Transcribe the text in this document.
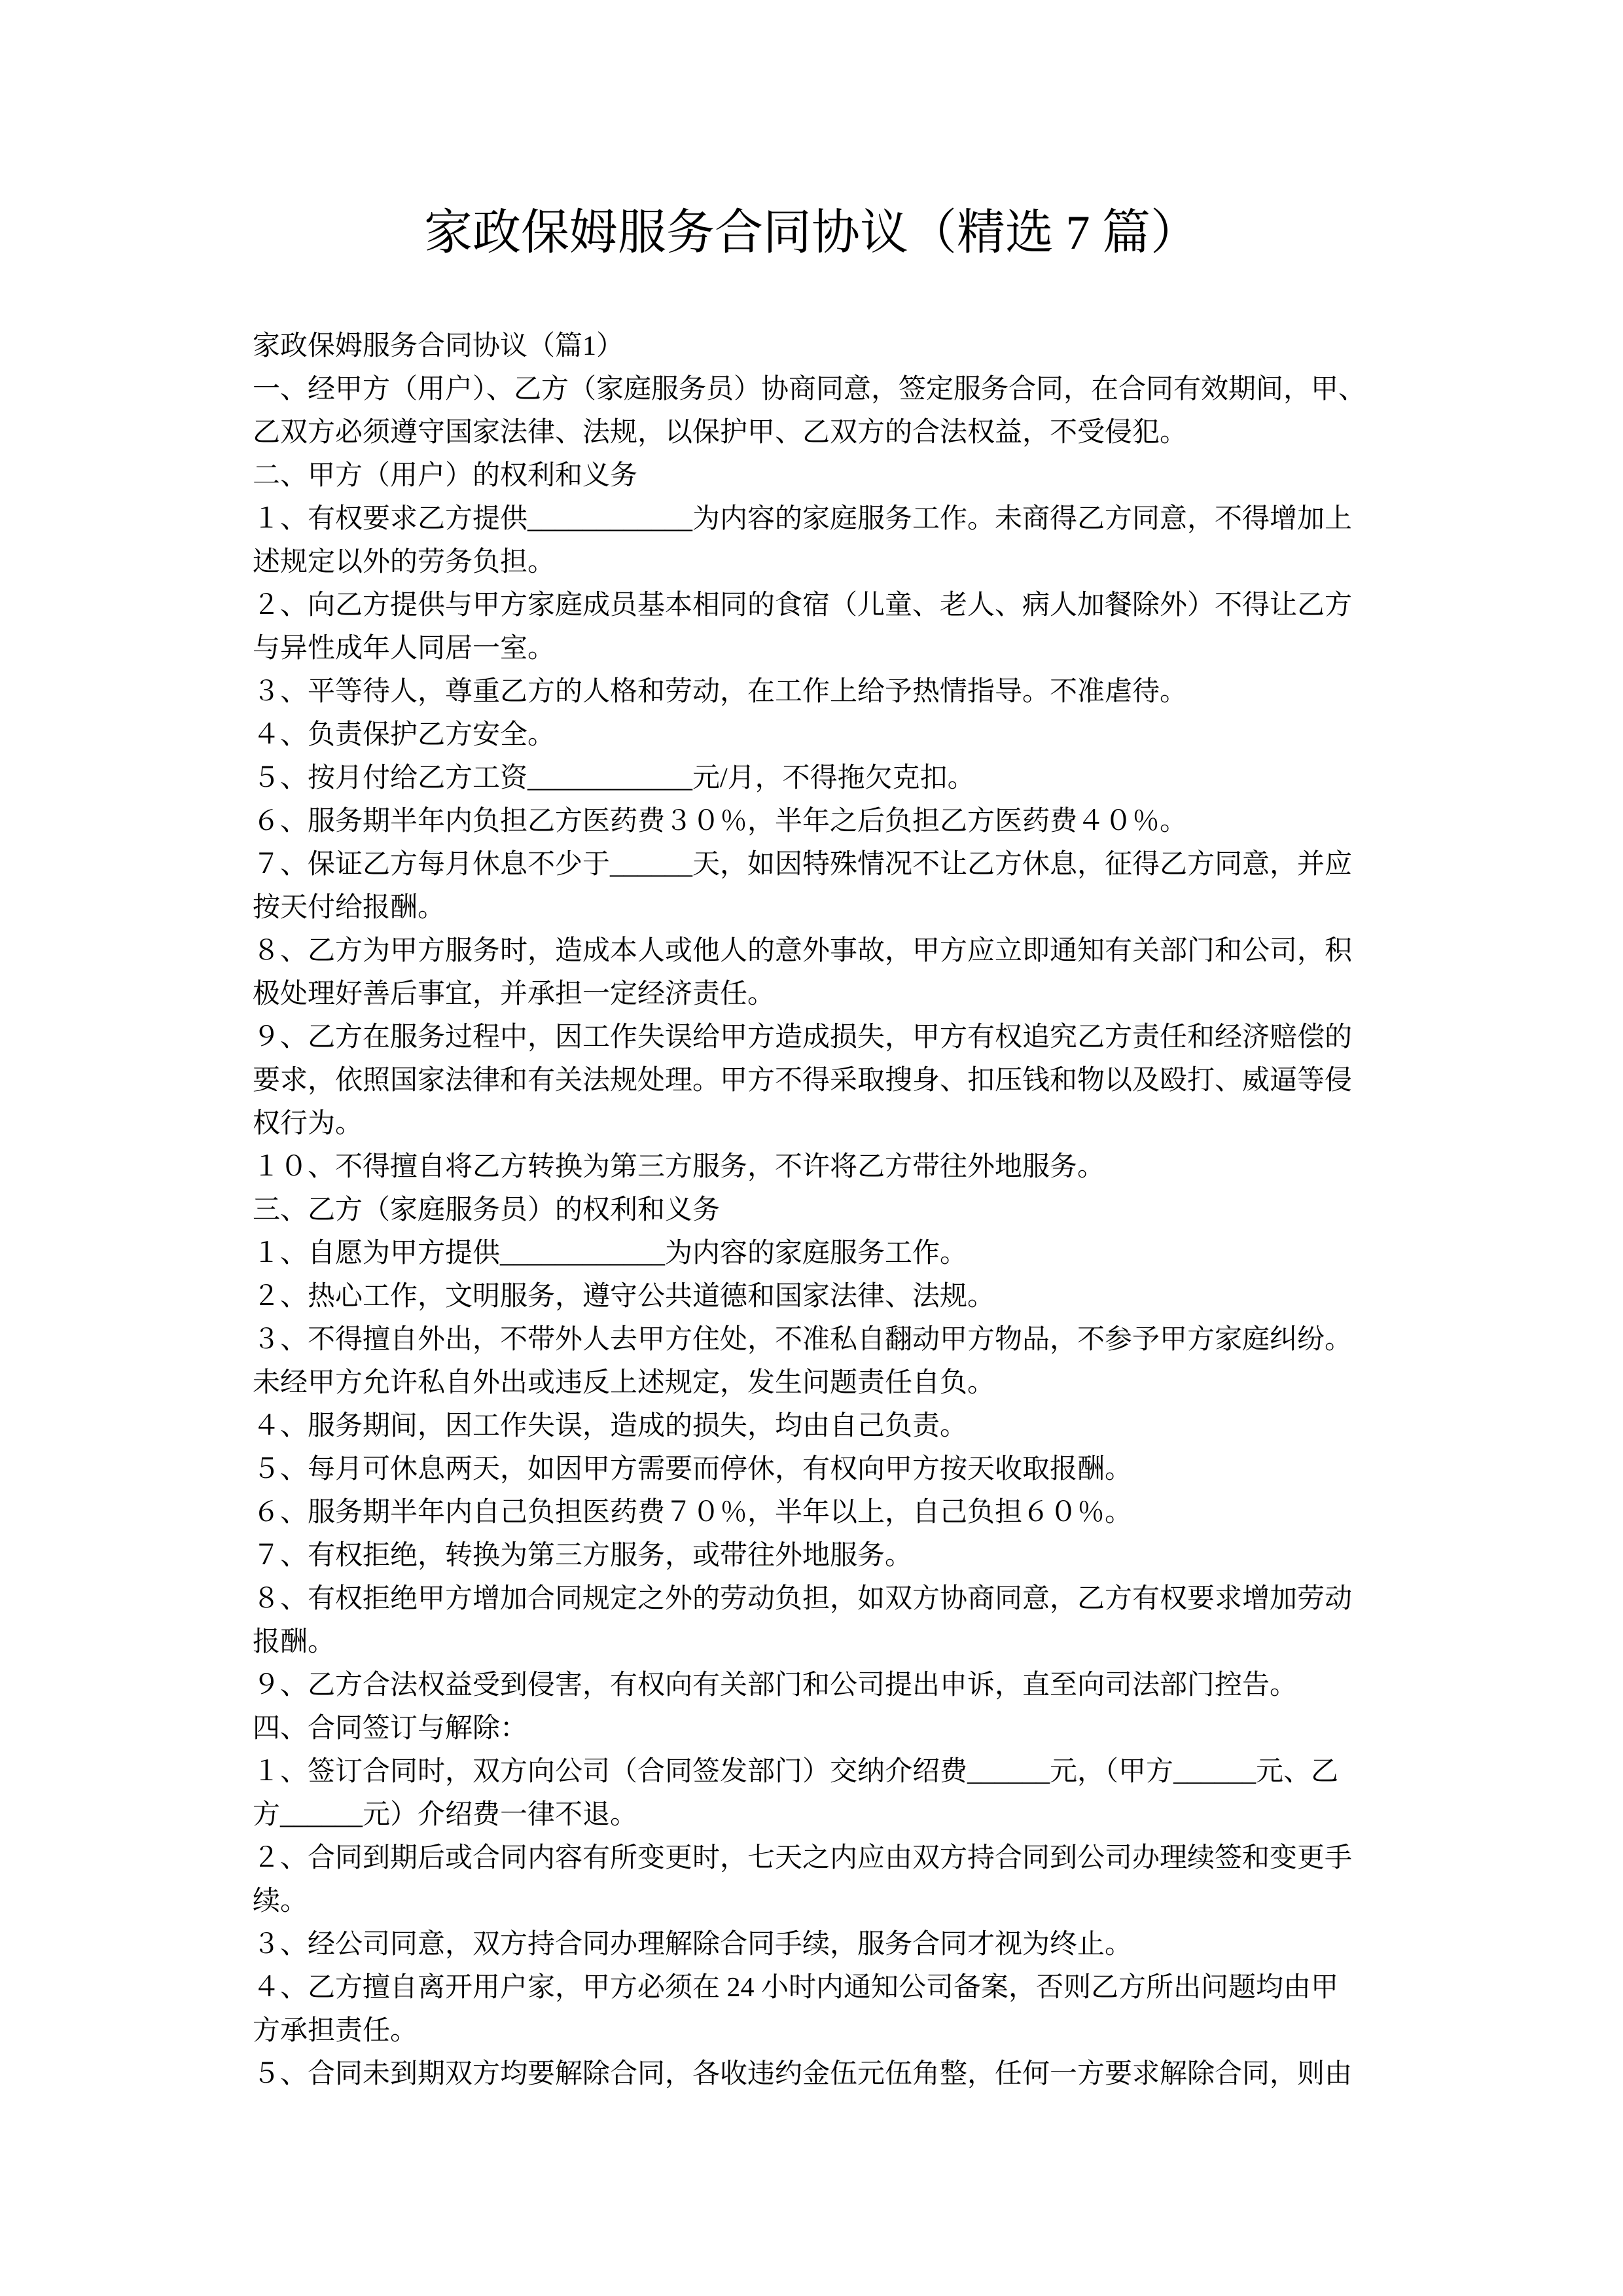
家政保姆服务合同协议（精选 7 篇）
家政保姆服务合同协议（篇1）
一、经甲方（用户）、乙方（家庭服务员）协商同意，签定服务合同，在合同有效期间，甲、
乙双方必须遵守国家法律、法规，以保护甲、乙双方的合法权益，不受侵犯。
二、甲方（用户）的权利和义务
１、有权要求乙方提供____________为内容的家庭服务工作。未商得乙方同意，不得增加上
述规定以外的劳务负担。
２、向乙方提供与甲方家庭成员基本相同的食宿（儿童、老人、病人加餐除外）不得让乙方
与异性成年人同居一室。
３、平等待人，尊重乙方的人格和劳动，在工作上给予热情指导。不准虐待。
４、负责保护乙方安全。
５、按月付给乙方工资____________元/月，不得拖欠克扣。
６、服务期半年内负担乙方医药费３０％，半年之后负担乙方医药费４０％。
７、保证乙方每月休息不少于______天，如因特殊情况不让乙方休息，征得乙方同意，并应
按天付给报酬。
８、乙方为甲方服务时，造成本人或他人的意外事故，甲方应立即通知有关部门和公司，积
极处理好善后事宜，并承担一定经济责任。
９、乙方在服务过程中，因工作失误给甲方造成损失，甲方有权追究乙方责任和经济赔偿的
要求，依照国家法律和有关法规处理。甲方不得采取搜身、扣压钱和物以及殴打、威逼等侵
权行为。
１０、不得擅自将乙方转换为第三方服务，不许将乙方带往外地服务。
三、乙方（家庭服务员）的权利和义务
１、自愿为甲方提供____________为内容的家庭服务工作。
２、热心工作，文明服务，遵守公共道德和国家法律、法规。
３、不得擅自外出，不带外人去甲方住处，不准私自翻动甲方物品，不参予甲方家庭纠纷。
未经甲方允许私自外出或违反上述规定，发生问题责任自负。
４、服务期间，因工作失误，造成的损失，均由自己负责。
５、每月可休息两天，如因甲方需要而停休，有权向甲方按天收取报酬。
６、服务期半年内自己负担医药费７０％，半年以上，自己负担６０％。
７、有权拒绝，转换为第三方服务，或带往外地服务。
８、有权拒绝甲方增加合同规定之外的劳动负担，如双方协商同意，乙方有权要求增加劳动
报酬。
９、乙方合法权益受到侵害，有权向有关部门和公司提出申诉，直至向司法部门控告。
四、合同签订与解除：
１、签订合同时，双方向公司（合同签发部门）交纳介绍费______元，（甲方______元、乙
方______元）介绍费一律不退。
２、合同到期后或合同内容有所变更时，七天之内应由双方持合同到公司办理续签和变更手
续。
３、经公司同意，双方持合同办理解除合同手续，服务合同才视为终止。
４、乙方擅自离开用户家，甲方必须在 24 小时内通知公司备案，否则乙方所出问题均由甲
方承担责任。
５、合同未到期双方均要解除合同，各收违约金伍元伍角整，任何一方要求解除合同，则由
